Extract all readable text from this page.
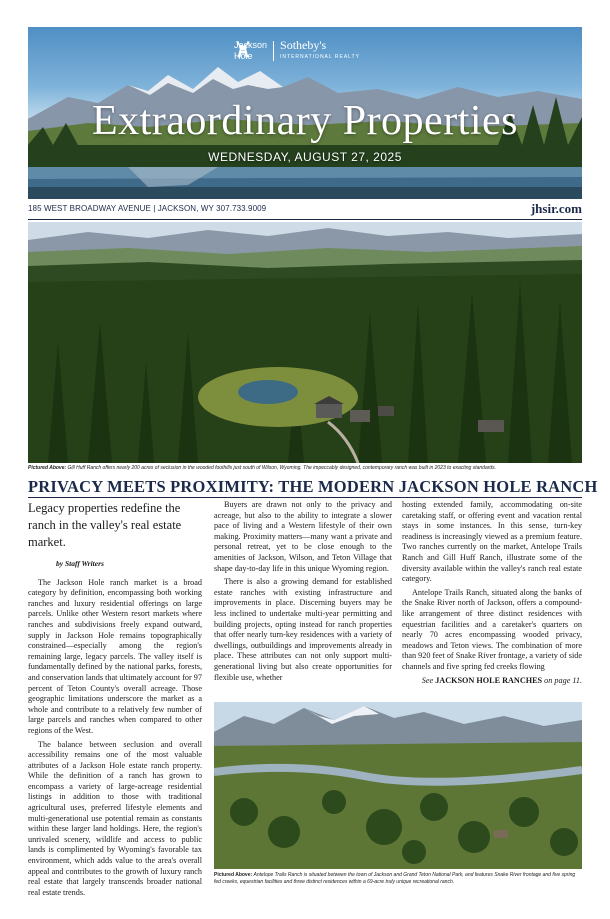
Jackson
Hole
Sotheby's
INTERNATIONAL REALTY
Extraordinary Properties
WEDNESDAY, AUGUST 27, 2025
185 WEST BROADWAY AVENUE | JACKSON, WY 307.733.9009	jhsir.com
Pictured Above: Gill Huff Ranch offers nearly 200 acres of seclusion in the wooded foothills just south of Wilson, Wyoming. The impeccably designed, contemporary ranch was built in 2023 to exacting standards.
PRIVACY MEETS PROXIMITY: THE MODERN JACKSON HOLE RANCH
Legacy properties redefine the ranch in the valley's real estate market.
by Staff Writers

The Jackson Hole ranch market is a broad category by definition, encompassing both working ranches and luxury residential offerings on large parcels. Unlike other Western resort markets where ranches and subdivisions freely expand outward, supply in Jackson Hole remains topographically constrained—especially among the region's remaining large, legacy parcels. The valley itself is fundamentally defined by the national parks, forests, and conservation lands that ultimately account for 97 percent of Teton County's overall acreage. Those geographic limitations underscore the market as a whole and contribute to a relatively few number of large parcels and ranches when compared to other regions of the West.

The balance between seclusion and overall accessibility remains one of the most valuable attributes of a Jackson Hole estate ranch property. While the definition of a ranch has grown to encompass a variety of large-acreage residential listings in addition to those with traditional agricultural uses, preferred lifestyle elements and multi-generational use potential remain as constants within these larger land holdings. Here, the region's unrivaled scenery, wildlife and access to public lands is complimented by Wyoming's favorable tax environment, which adds value to the area's overall appeal and contributes to the growth of luxury ranch real estate that largely transcends broader national real estate trends.

Buyers are drawn not only to the privacy and acreage, but also to the ability to integrate a slower pace of living and a Western lifestyle of their own making. Proximity matters—many want a private and personal retreat, yet to be close enough to the amenities of Jackson, Wilson, and Teton Village that shape day-to-day life in this unique Wyoming region.

There is also a growing demand for established estate ranches with existing infrastructure and improvements in place. Discerning buyers may be less inclined to undertake multi-year permitting and building projects, opting instead for ranch properties that offer nearly turn-key residences with a variety of dwellings, outbuildings and improvements already in place. These attributes can not only support multi-generational living but also create opportunities for flexible use, whether

hosting extended family, accommodating on-site caretaking staff, or offering event and vacation rental stays in some instances. In this sense, turn-key readiness is increasingly viewed as a premium feature. Two ranches currently on the market, Antelope Trails Ranch and Gill Huff Ranch, illustrate some of the diversity available within the valley's ranch real estate category.

Antelope Trails Ranch, situated along the banks of the Snake River north of Jackson, offers a compound-like arrangement of three distinct residences with equestrian facilities and a caretaker's quarters on nearly 70 acres encompassing wooded privacy, meadows and Teton views. The combination of more than 920 feet of Snake River frontage, a variety of side channels and five spring fed creeks flowing

See JACKSON HOLE RANCHES on page 11.

Pictured Above: Antelope Trails Ranch is situated between the town of Jackson and Grand Teton National Park, and features Snake River frontage and five spring fed creeks, equestrian facilities and three distinct residences within a 69-acre truly unique recreational ranch.
